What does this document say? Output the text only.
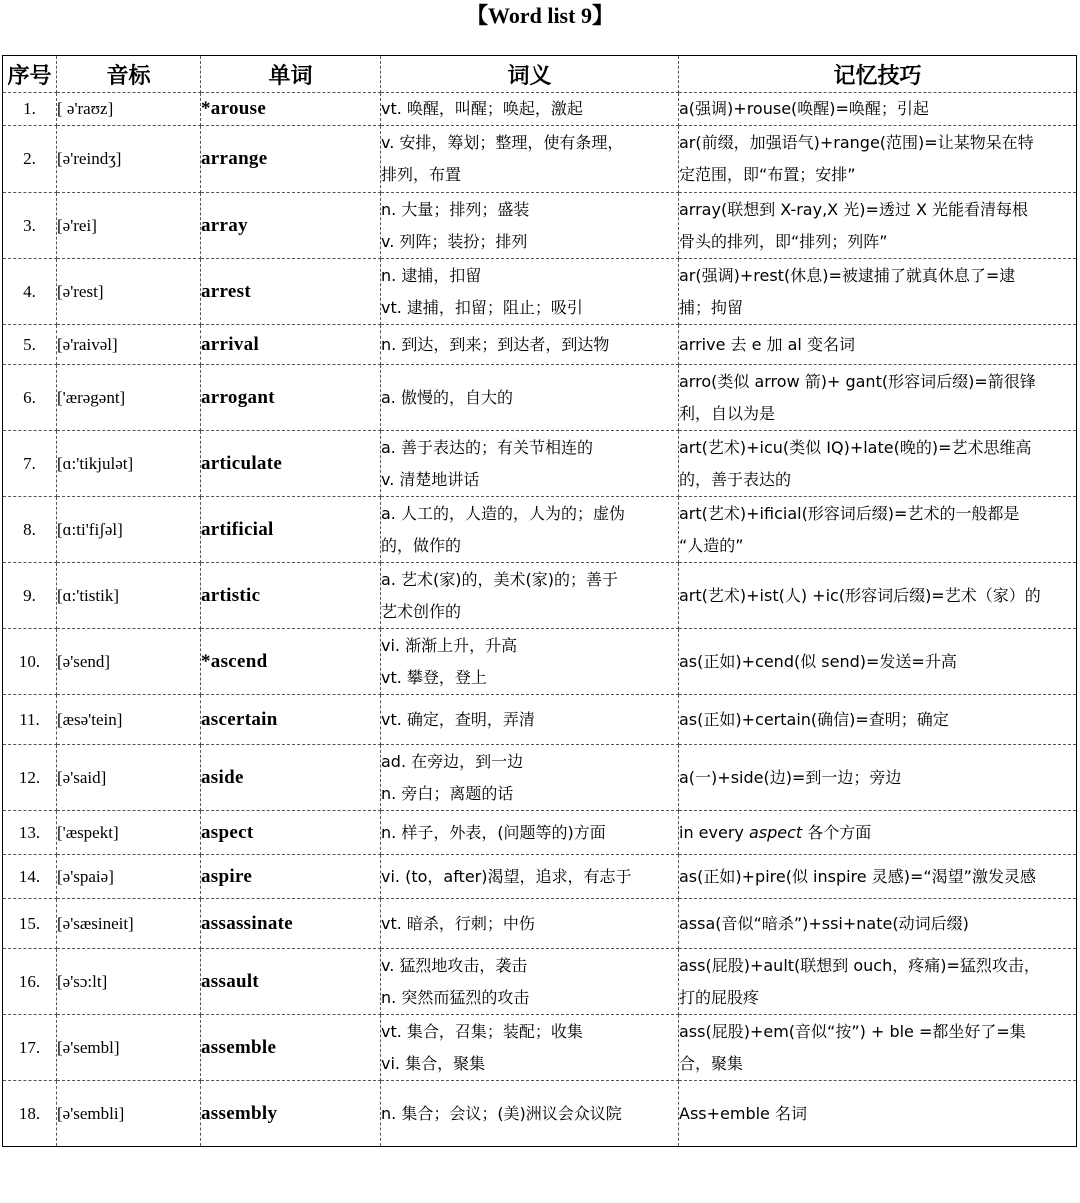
【Word list 9】
序号	音标	单词	词义	记忆技巧
1.	[ ə'raʊz]	*arouse	vt. 唤醒，叫醒；唤起，激起	a(强调)+rouse(唤醒)=唤醒；引起

2.	[ə'reindʒ]	arrange	v. 安排，筹划；整理，使有条理，
排列，布置	ar(前缀，加强语气)+range(范围)=让某物呆在特
定范围，即“布置；安排”

3.	[ə'rei]	array	n. 大量；排列；盛装
v. 列阵；装扮；排列	array(联想到 X-ray,X 光)=透过 X 光能看清每根
骨头的排列，即“排列；列阵”

4.	[ə'rest]	arrest	n. 逮捕，扣留
vt. 逮捕，扣留；阻止；吸引	ar(强调)+rest(休息)=被逮捕了就真休息了=逮
捕；拘留

5.	[ə'raivəl]	arrival	n. 到达，到来；到达者，到达物	arrive 去 e 加 al 变名词

6.	['ærəgənt]	arrogant	a. 傲慢的，自大的	arro(类似 arrow 箭)+ gant(形容词后缀)=箭很锋
利，自以为是

7.	[ɑ:'tikjulət]	articulate	a. 善于表达的；有关节相连的
v. 清楚地讲话	art(艺术)+icu(类似 IQ)+late(晚的)=艺术思维高
的，善于表达的

8.	[ɑ:ti'fiʃəl]	artificial	a. 人工的，人造的，人为的；虚伪
的，做作的	art(艺术)+ificial(形容词后缀)=艺术的一般都是
“人造的”

9.	[ɑ:'tistik]	artistic	a. 艺术(家)的，美术(家)的；善于
艺术创作的	art(艺术)+ist(人) +ic(形容词后缀)=艺术（家）的

10.	[ə'send]	*ascend	vi. 渐渐上升，升高
vt. 攀登，登上	as(正如)+cend(似 send)=发送=升高

11.	[æsə'tein]	ascertain	vt. 确定，查明，弄清	as(正如)+certain(确信)=查明；确定

12.	[ə'said]	aside	ad. 在旁边，到一边
n. 旁白；离题的话	a(一)+side(边)=到一边；旁边

13.	['æspekt]	aspect	n. 样子，外表，(问题等的)方面	in every aspect 各个方面

14.	[ə'spaiə]	aspire	vi. (to，after)渴望，追求，有志于	as(正如)+pire(似 inspire 灵感)=“渴望”激发灵感

15.	[ə'sæsineit]	assassinate	vt. 暗杀，行刺；中伤	assa(音似“暗杀”)+ssi+nate(动词后缀)

16.	[ə'sɔ:lt]	assault	v. 猛烈地攻击，袭击
n. 突然而猛烈的攻击	ass(屁股)+ault(联想到 ouch，疼痛)=猛烈攻击，
打的屁股疼

17.	[ə'sembl]	assemble	vt. 集合，召集；装配；收集
vi. 集合，聚集	ass(屁股)+em(音似“按”) + ble =都坐好了=集
合，聚集

18.	[ə'sembli]	assembly	n. 集合；会议；(美)洲议会众议院	Ass+emble 名词
